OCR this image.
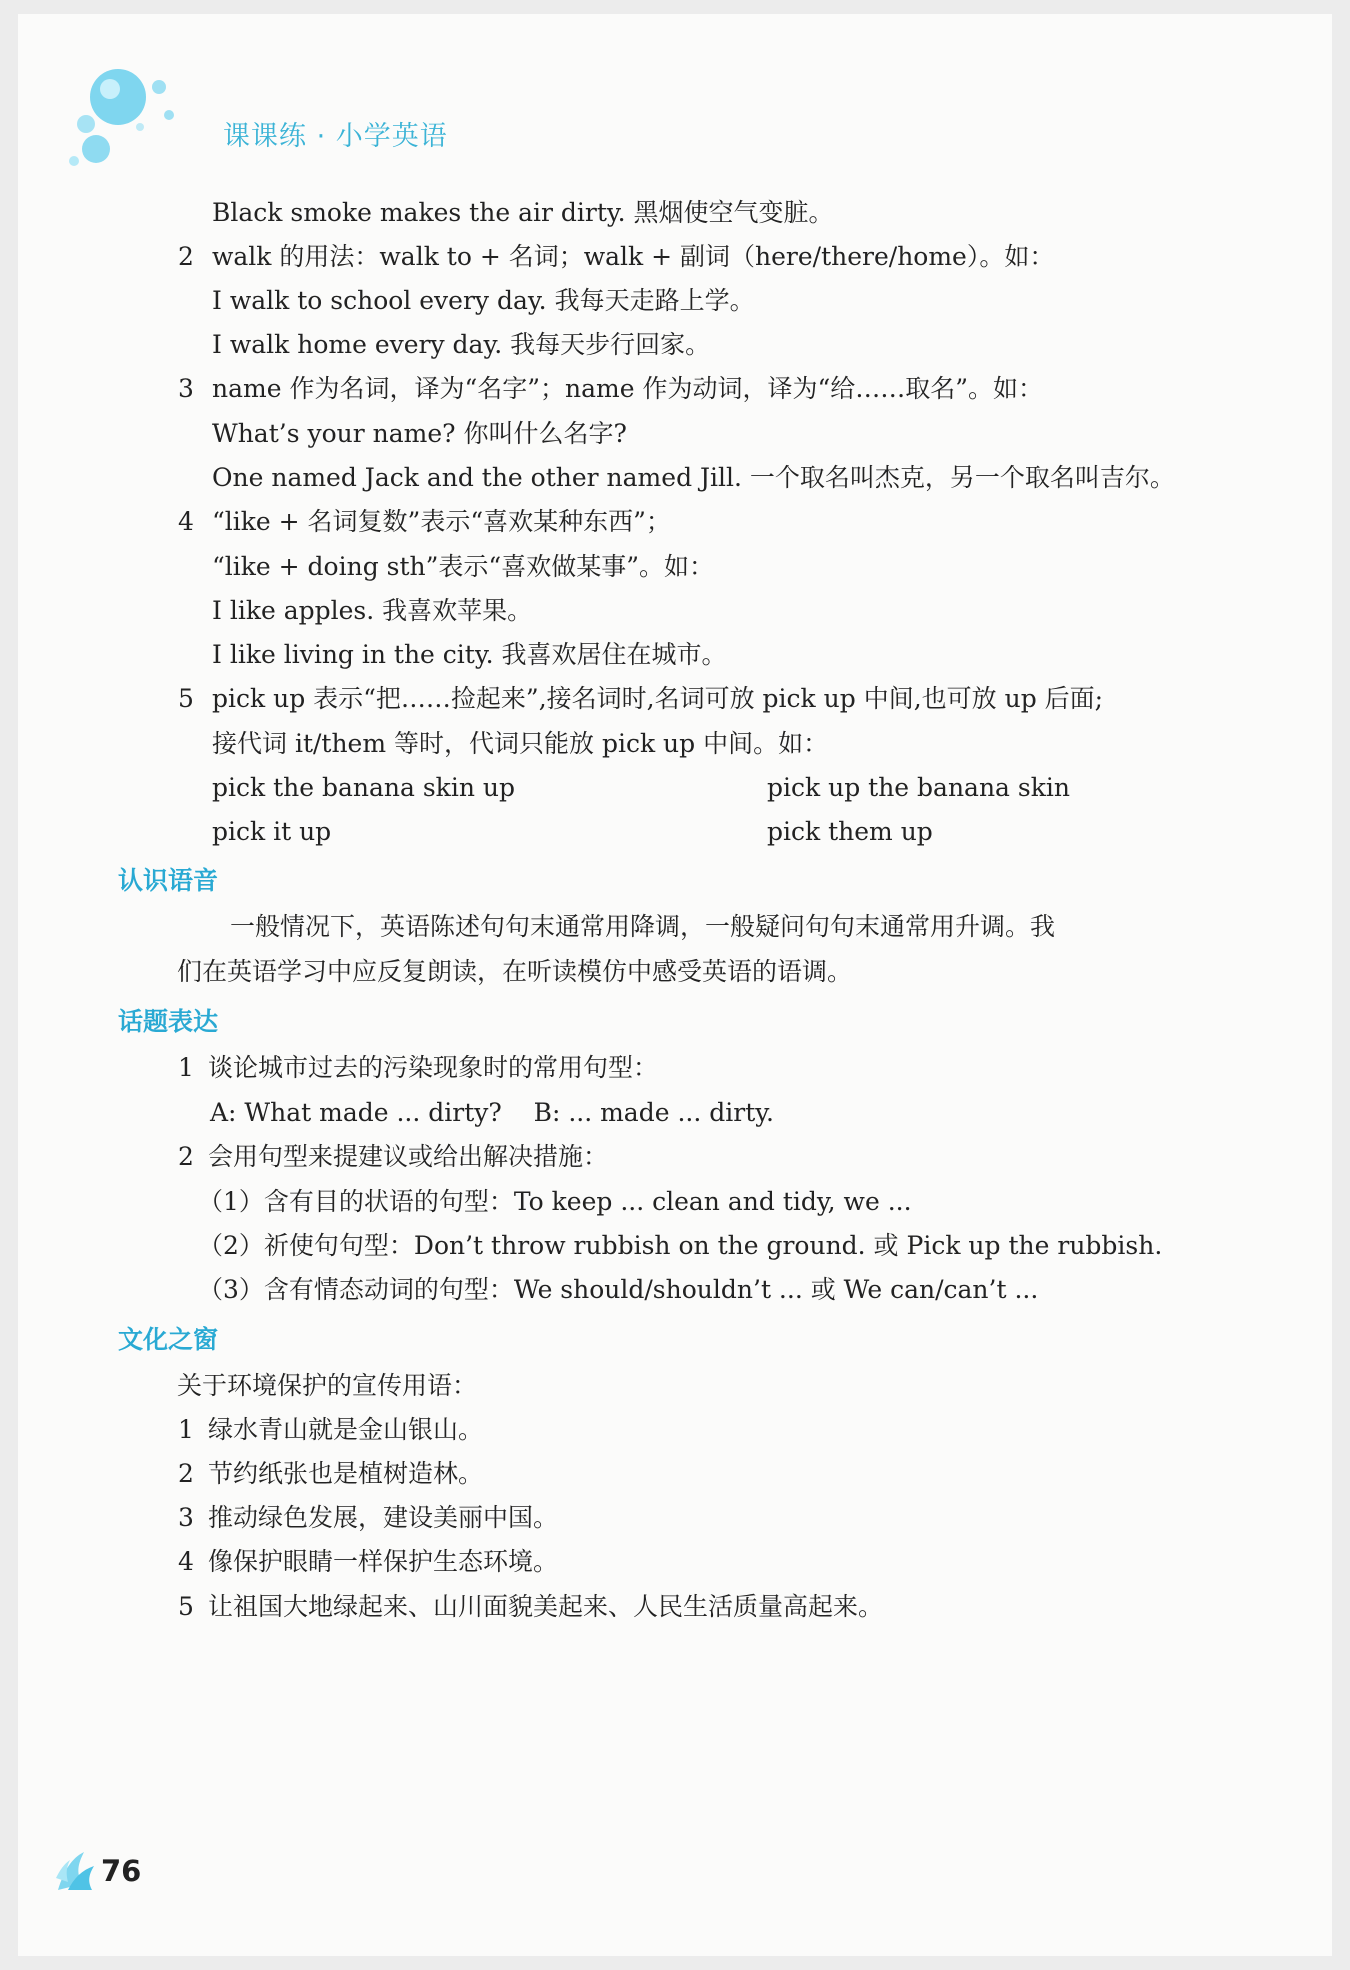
课课练 · 小学英语
Black smoke makes the air dirty. 黑烟使空气变脏。
2 walk 的用法：walk to + 名词；walk + 副词（here/there/home）。如：
I walk to school every day. 我每天走路上学。
I walk home every day. 我每天步行回家。
3 name 作为名词，译为“名字”；name 作为动词，译为“给……取名”。如：
What’s your name? 你叫什么名字?
One named Jack and the other named Jill. 一个取名叫杰克，另一个取名叫吉尔。
4 “like + 名词复数”表示“喜欢某种东西”；
“like + doing sth”表示“喜欢做某事”。如：
I like apples. 我喜欢苹果。
I like living in the city. 我喜欢居住在城市。
5 pick up 表示“把……捡起来”,接名词时,名词可放 pick up 中间,也可放 up 后面;
接代词 it/them 等时，代词只能放 pick up 中间。如：
pick the banana skin up	pick up the banana skin
pick it up	pick them up
认识语音
一般情况下，英语陈述句句末通常用降调，一般疑问句句末通常用升调。我
们在英语学习中应反复朗读，在听读模仿中感受英语的语调。
话题表达
1 谈论城市过去的污染现象时的常用句型：
A: What made ... dirty?    B: ... made ... dirty.
2 会用句型来提建议或给出解决措施：
（1）含有目的状语的句型：To keep ... clean and tidy, we ...
（2）祈使句句型：Don’t throw rubbish on the ground. 或 Pick up the rubbish.
（3）含有情态动词的句型：We should/shouldn’t ... 或 We can/can’t ...
文化之窗
关于环境保护的宣传用语：
1 绿水青山就是金山银山。
2 节约纸张也是植树造林。
3 推动绿色发展，建设美丽中国。
4 像保护眼睛一样保护生态环境。
5 让祖国大地绿起来、山川面貌美起来、人民生活质量高起来。
76
